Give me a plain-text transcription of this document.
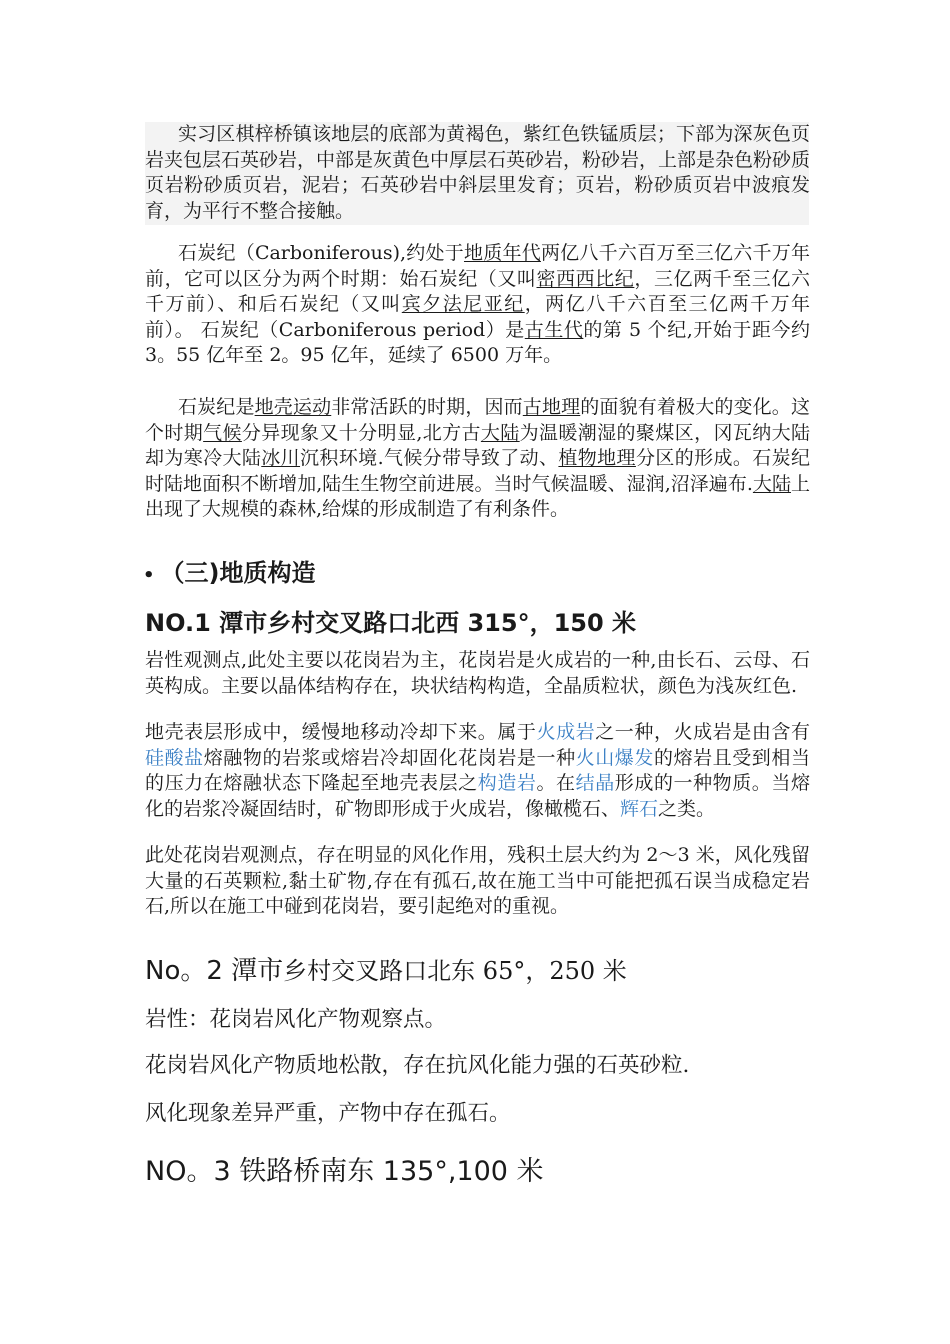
实习区棋梓桥镇该地层的底部为黄褐色，紫红色铁锰质层；下部为深灰色页岩夹包层石英砂岩，中部是灰黄色中厚层石英砂岩，粉砂岩，上部是杂色粉砂质页岩粉砂质页岩，泥岩；石英砂岩中斜层里发育；页岩，粉砂质页岩中波痕发育，为平行不整合接触。

石炭纪（Carboniferous),约处于地质年代两亿八千六百万至三亿六千万年前，它可以区分为两个时期：始石炭纪（又叫密西西比纪，三亿两千至三亿六千万前）、和后石炭纪（又叫宾夕法尼亚纪，两亿八千六百至三亿两千万年前）。 石炭纪（Carboniferous period）是古生代的第 5 个纪,开始于距今约 3。55 亿年至 2。95 亿年，延续了 6500 万年。

石炭纪是地壳运动非常活跃的时期，因而古地理的面貌有着极大的变化。这个时期气候分异现象又十分明显,北方古大陆为温暖潮湿的聚煤区，冈瓦纳大陆却为寒冷大陆冰川沉积环境.气候分带导致了动、植物地理分区的形成。石炭纪时陆地面积不断增加,陆生生物空前进展。当时气候温暖、湿润,沼泽遍布.大陆上出现了大规模的森林,给煤的形成制造了有利条件。

• （三)地质构造
NO.1 潭市乡村交叉路口北西 315°，150 米

岩性观测点,此处主要以花岗岩为主，花岗岩是火成岩的一种,由长石、云母、石英构成。主要以晶体结构存在，块状结构构造，全晶质粒状，颜色为浅灰红色.

地壳表层形成中，缓慢地移动冷却下来。属于火成岩之一种，火成岩是由含有硅酸盐熔融物的岩浆或熔岩冷却固化花岗岩是一种火山爆发的熔岩且受到相当的压力在熔融状态下隆起至地壳表层之构造岩。在结晶形成的一种物质。当熔化的岩浆冷凝固结时，矿物即形成于火成岩，像橄榄石、辉石之类。

此处花岗岩观测点，存在明显的风化作用，残积土层大约为 2～3 米，风化残留大量的石英颗粒,黏土矿物,存在有孤石,故在施工当中可能把孤石误当成稳定岩石,所以在施工中碰到花岗岩，要引起绝对的重视。

No。2 潭市乡村交叉路口北东 65°，250 米

岩性：花岗岩风化产物观察点。

花岗岩风化产物质地松散，存在抗风化能力强的石英砂粒.

风化现象差异严重，产物中存在孤石。

NO。3 铁路桥南东 135°,100 米
